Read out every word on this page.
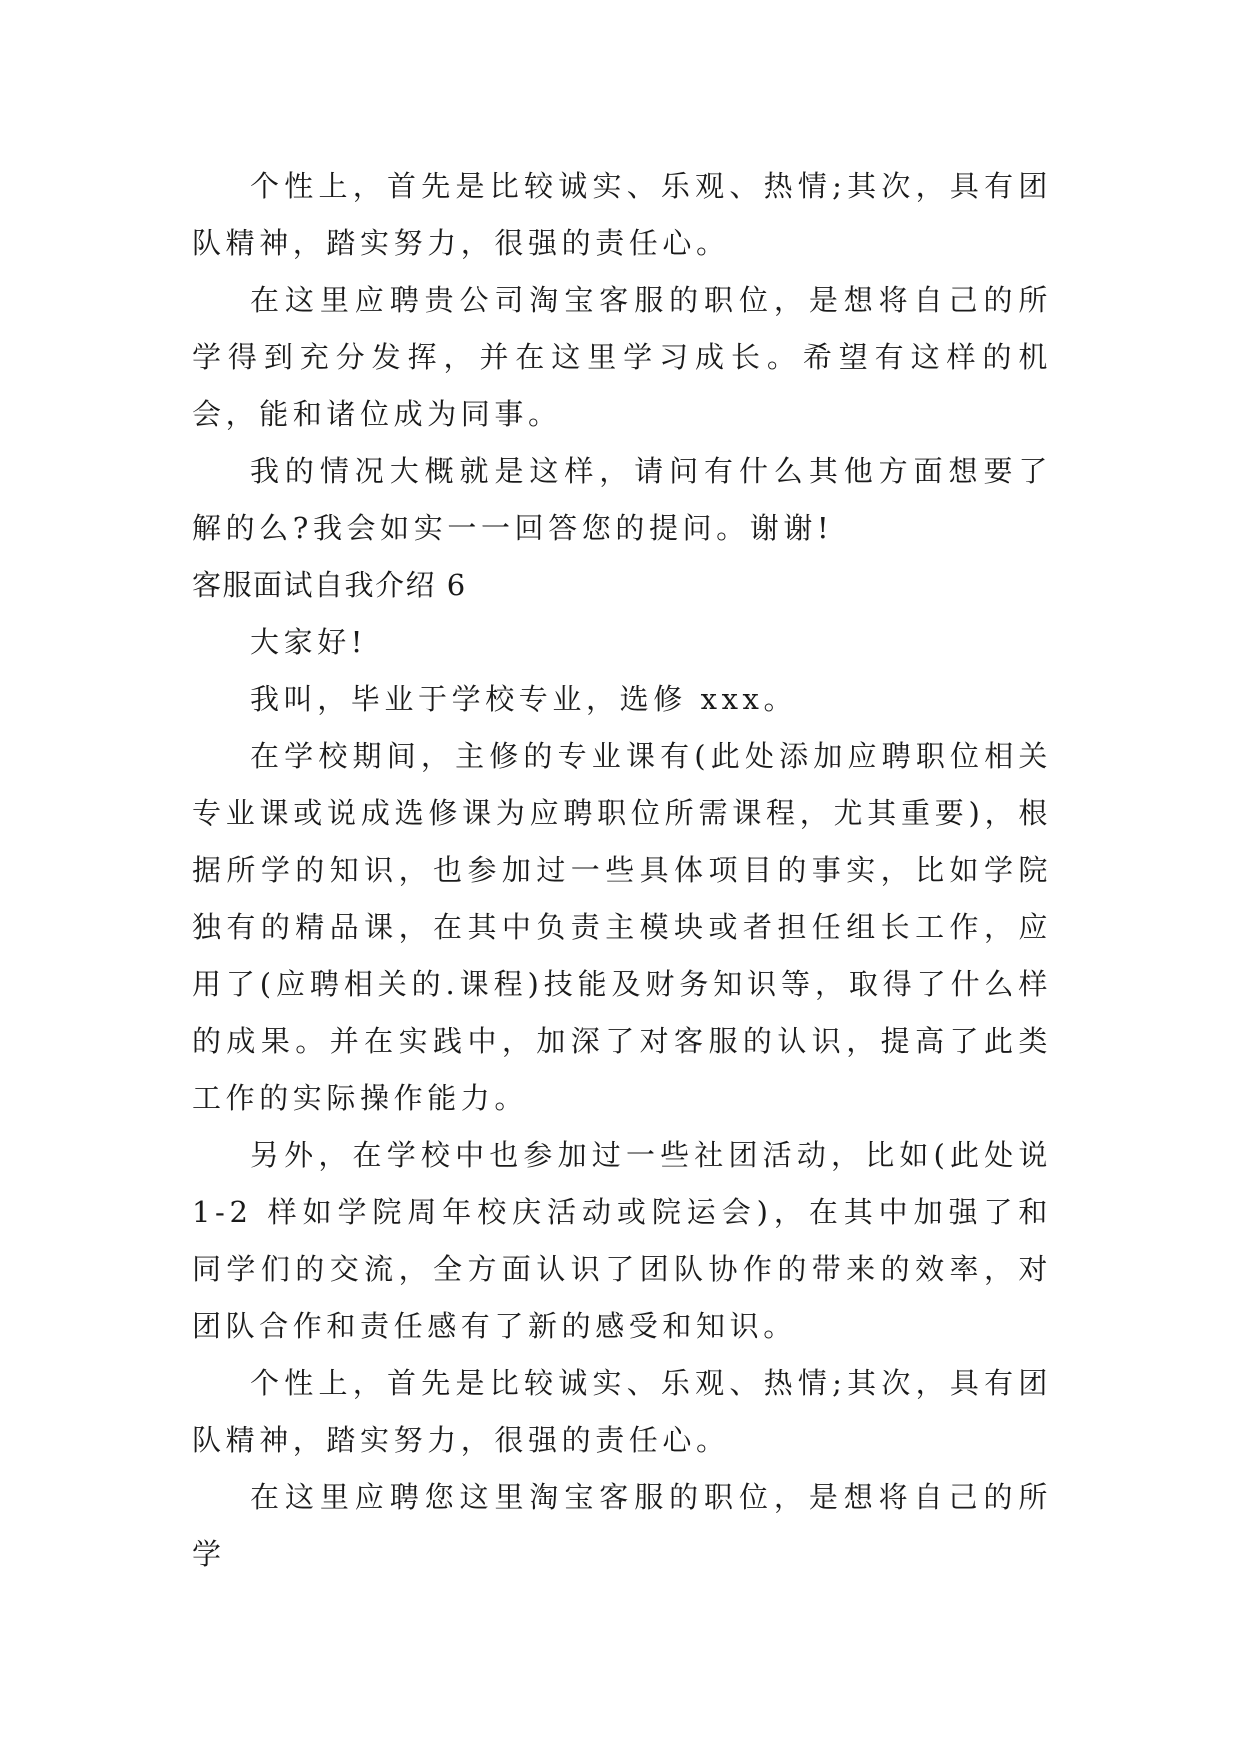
个性上，首先是比较诚实、乐观、热情;其次，具有团队精神，踏实努力，很强的责任心。

在这里应聘贵公司淘宝客服的职位，是想将自己的所学得到充分发挥，并在这里学习成长。希望有这样的机会，能和诸位成为同事。

我的情况大概就是这样，请问有什么其他方面想要了解的么?我会如实一一回答您的提问。谢谢!

客服面试自我介绍 6

大家好!

我叫，毕业于学校专业，选修 xxx。

在学校期间，主修的专业课有(此处添加应聘职位相关专业课或说成选修课为应聘职位所需课程，尤其重要)，根据所学的知识，也参加过一些具体项目的事实，比如学院独有的精品课，在其中负责主模块或者担任组长工作，应用了(应聘相关的.课程)技能及财务知识等，取得了什么样的成果。并在实践中，加深了对客服的认识，提高了此类工作的实际操作能力。

另外，在学校中也参加过一些社团活动，比如(此处说 1-2 样如学院周年校庆活动或院运会)，在其中加强了和同学们的交流，全方面认识了团队协作的带来的效率，对团队合作和责任感有了新的感受和知识。

个性上，首先是比较诚实、乐观、热情;其次，具有团队精神，踏实努力，很强的责任心。

在这里应聘您这里淘宝客服的职位，是想将自己的所学
